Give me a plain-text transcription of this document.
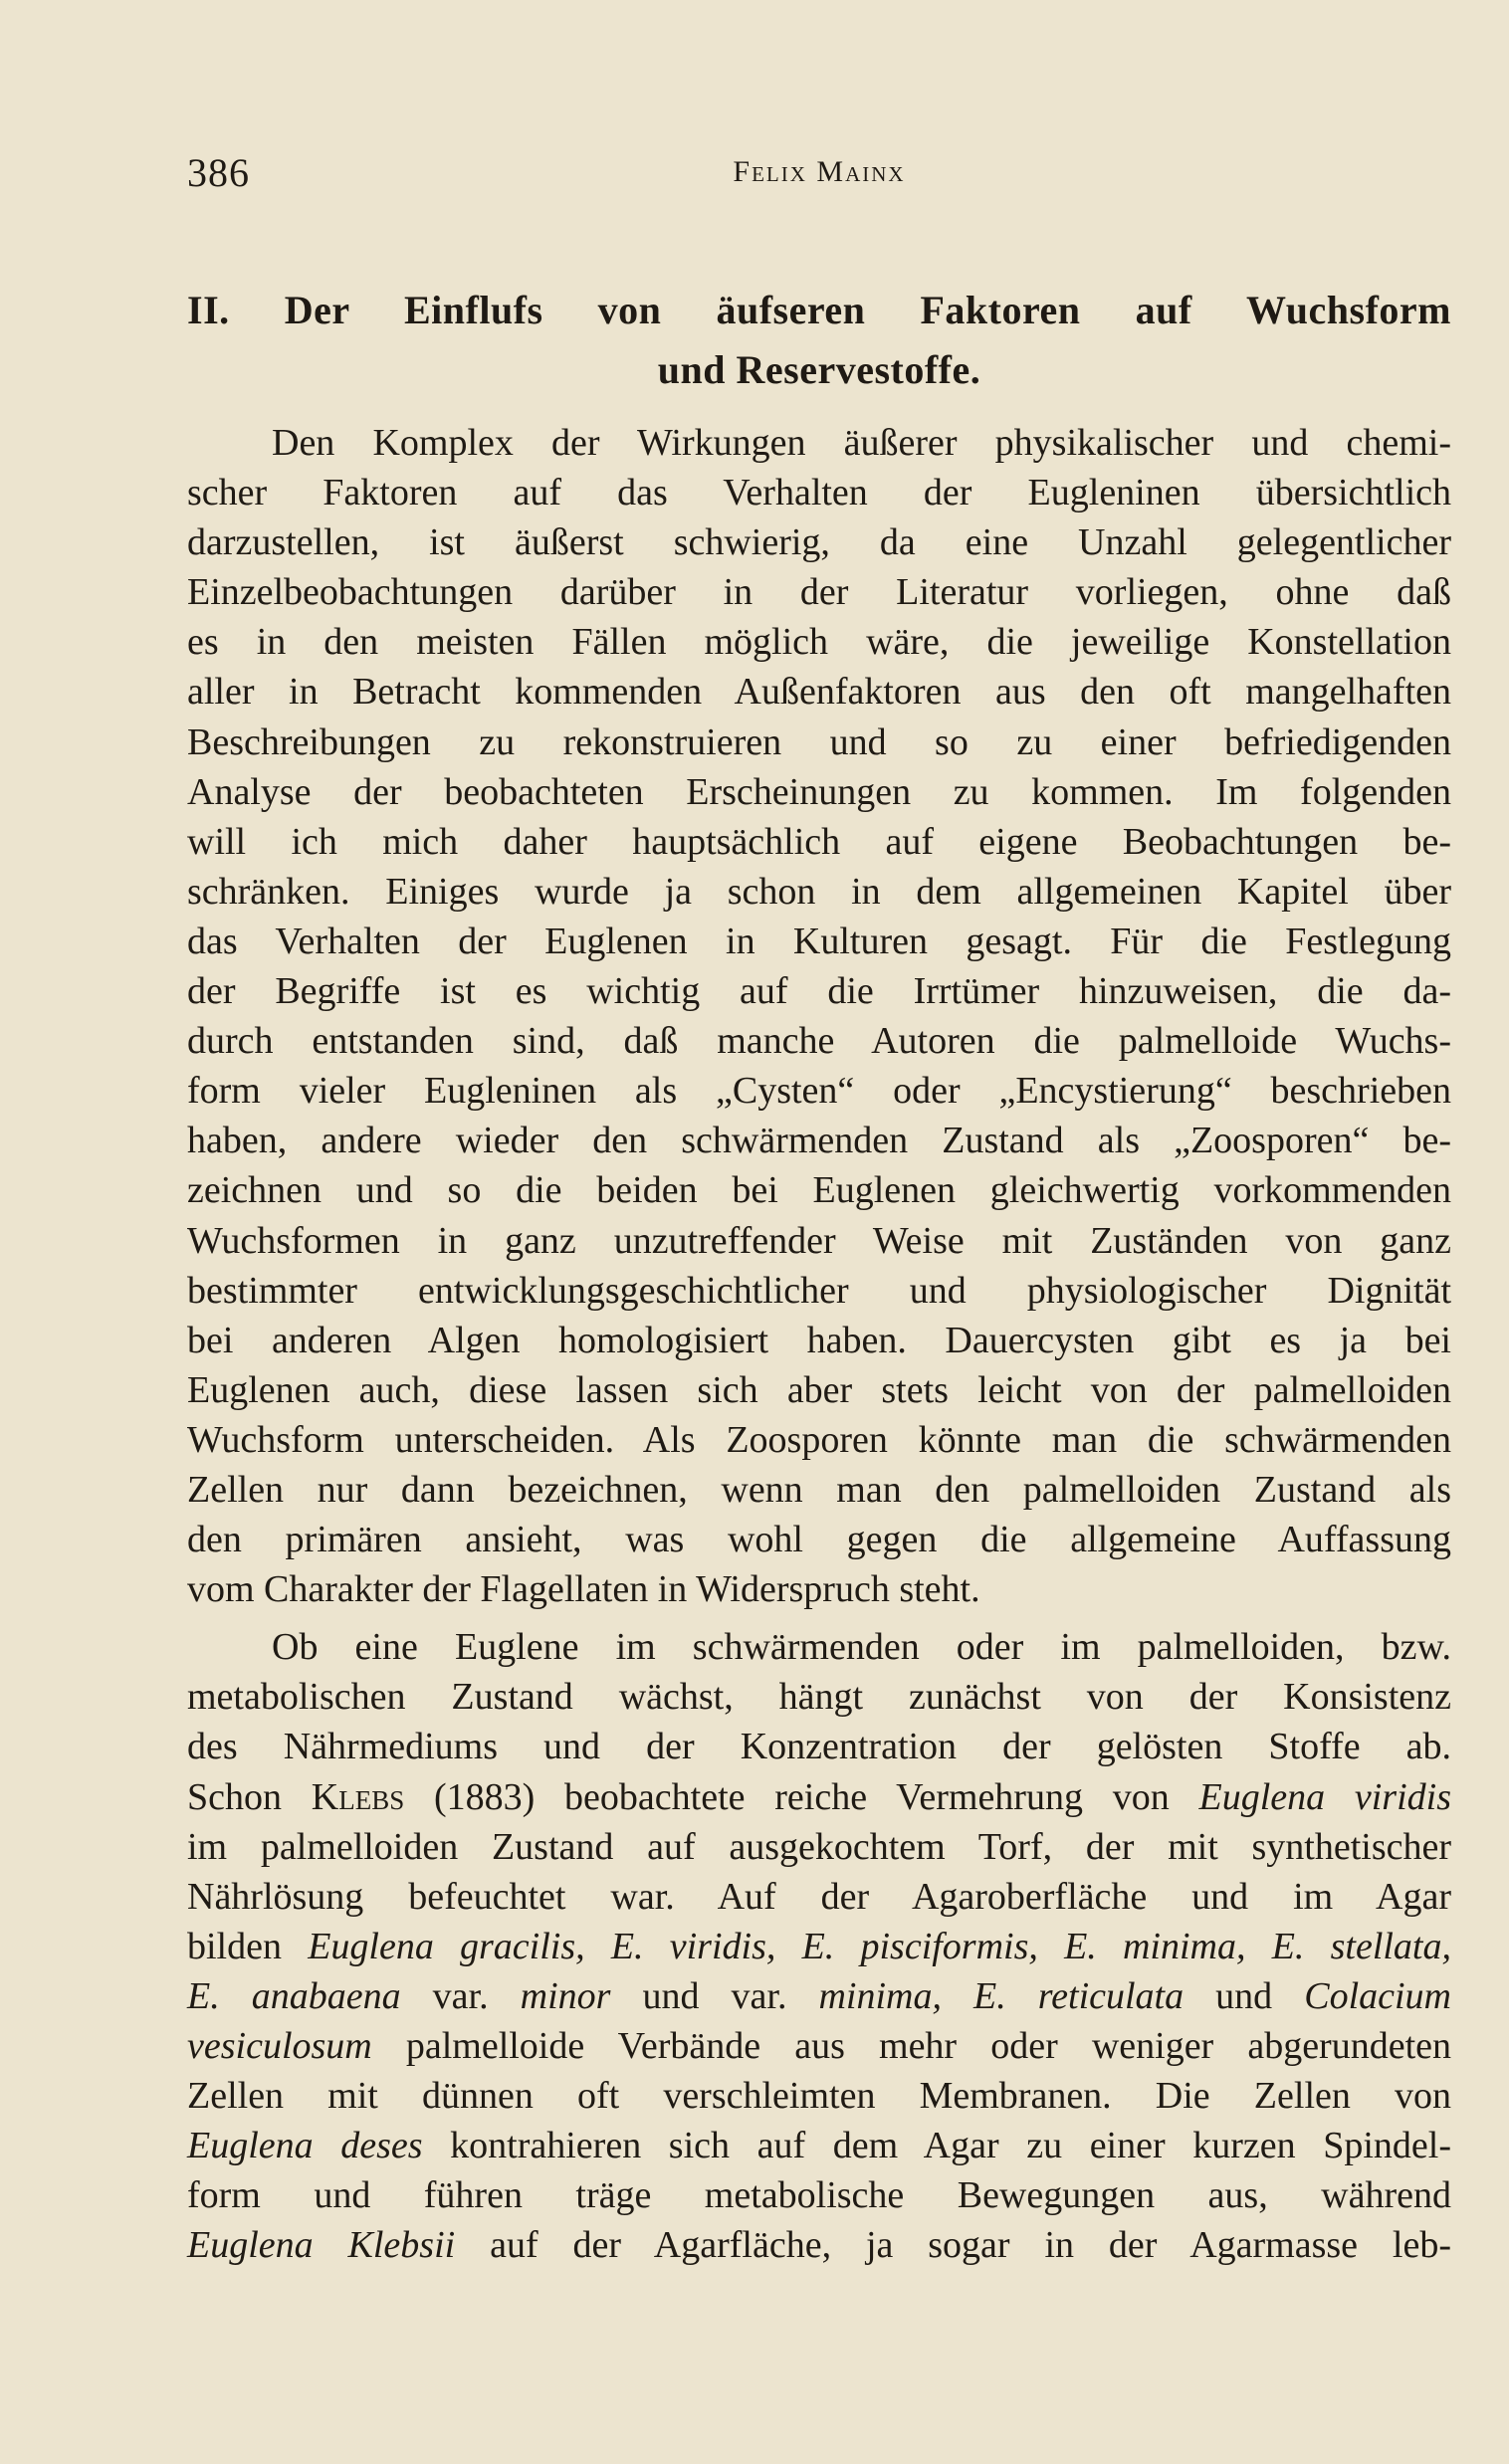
386	Felix Mainx
II. Der Einflufs von äufseren Faktoren auf Wuchsform
und Reservestoffe.
Den Komplex der Wirkungen äußerer physikalischer und chemi-
scher Faktoren auf das Verhalten der Eugleninen übersichtlich
darzustellen, ist äußerst schwierig, da eine Unzahl gelegentlicher
Einzelbeobachtungen darüber in der Literatur vorliegen, ohne daß
es in den meisten Fällen möglich wäre, die jeweilige Konstellation
aller in Betracht kommenden Außenfaktoren aus den oft mangelhaften
Beschreibungen zu rekonstruieren und so zu einer befriedigenden
Analyse der beobachteten Erscheinungen zu kommen. Im folgenden
will ich mich daher hauptsächlich auf eigene Beobachtungen be-
schränken. Einiges wurde ja schon in dem allgemeinen Kapitel über
das Verhalten der Euglenen in Kulturen gesagt. Für die Festlegung
der Begriffe ist es wichtig auf die Irrtümer hinzuweisen, die da-
durch entstanden sind, daß manche Autoren die palmelloide Wuchs-
form vieler Eugleninen als „Cysten“ oder „Encystierung“ beschrieben
haben, andere wieder den schwärmenden Zustand als „Zoosporen“ be-
zeichnen und so die beiden bei Euglenen gleichwertig vorkommenden
Wuchsformen in ganz unzutreffender Weise mit Zuständen von ganz
bestimmter entwicklungsgeschichtlicher und physiologischer Dignität
bei anderen Algen homologisiert haben. Dauercysten gibt es ja bei
Euglenen auch, diese lassen sich aber stets leicht von der palmelloiden
Wuchsform unterscheiden. Als Zoosporen könnte man die schwärmenden
Zellen nur dann bezeichnen, wenn man den palmelloiden Zustand als
den primären ansieht, was wohl gegen die allgemeine Auffassung
vom Charakter der Flagellaten in Widerspruch steht.
Ob eine Euglene im schwärmenden oder im palmelloiden, bzw.
metabolischen Zustand wächst, hängt zunächst von der Konsistenz
des Nährmediums und der Konzentration der gelösten Stoffe ab.
Schon Klebs (1883) beobachtete reiche Vermehrung von Euglena viridis
im palmelloiden Zustand auf ausgekochtem Torf, der mit synthetischer
Nährlösung befeuchtet war. Auf der Agaroberfläche und im Agar
bilden Euglena gracilis, E. viridis, E. pisciformis, E. minima, E. stellata,
E. anabaena var. minor und var. minima, E. reticulata und Colacium
vesiculosum palmelloide Verbände aus mehr oder weniger abgerundeten
Zellen mit dünnen oft verschleimten Membranen. Die Zellen von
Euglena deses kontrahieren sich auf dem Agar zu einer kurzen Spindel-
form und führen träge metabolische Bewegungen aus, während
Euglena Klebsii auf der Agarfläche, ja sogar in der Agarmasse leb-
